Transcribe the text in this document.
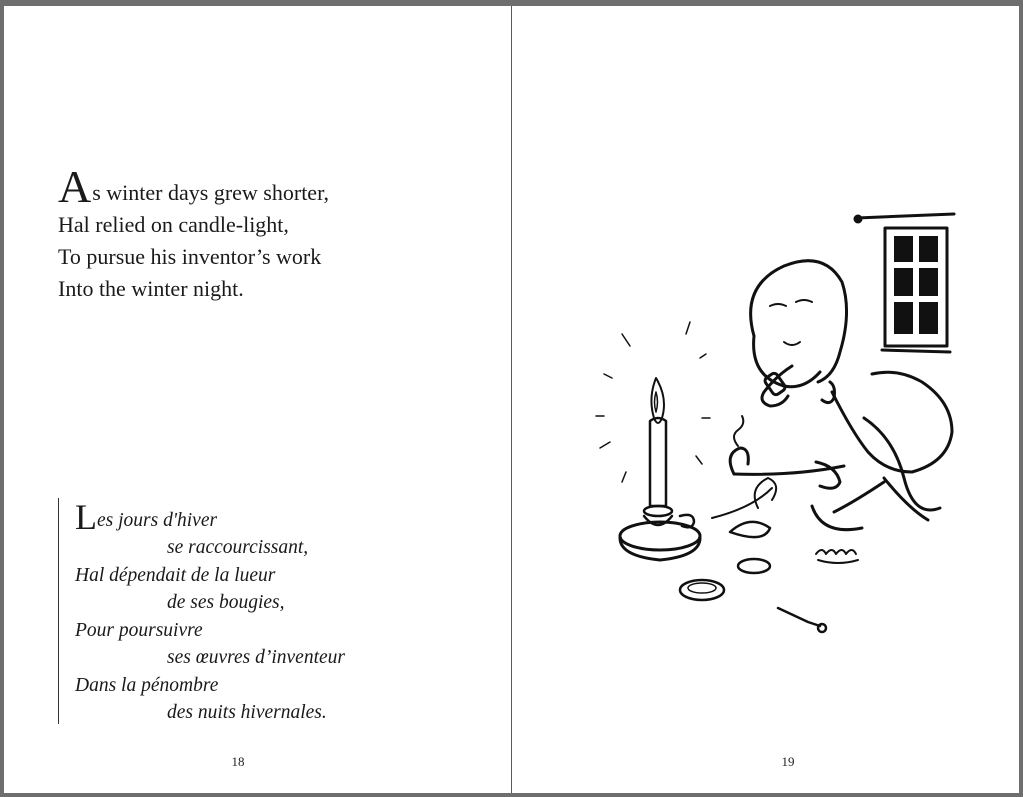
As winter days grew shorter,
Hal relied on candle-light,
To pursue his inventor’s work
Into the winter night.
Les jours d'hiver
se raccourcissant,
Hal dépendait de la lueur
de ses bougies,
Pour poursuivre
ses œuvres d’inventeur
Dans la pénombre
des nuits hivernales.
18	19
